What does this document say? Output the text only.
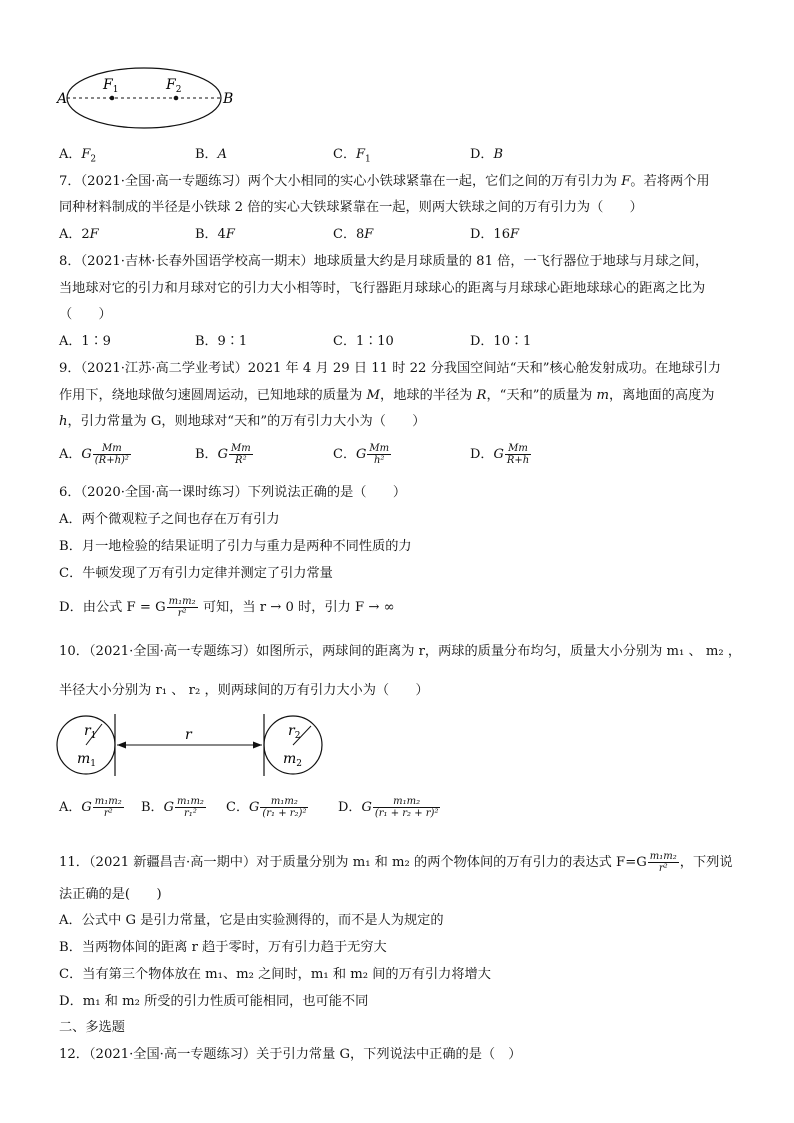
A	B
$F_1$	$F_2$
A．$F_2$	B．A	C．$F_1$	D．B
7．（2021·全国·高一专题练习）两个大小相同的实心小铁球紧靠在一起，它们之间的万有引力为 F。若将两个用
同种材料制成的半径是小铁球 2 倍的实心大铁球紧靠在一起，则两大铁球之间的万有引力为（　　）
A．2F	B．4F	C．8F	D．16F
8．（2021·吉林·长春外国语学校高一期末）地球质量大约是月球质量的 81 倍，一飞行器位于地球与月球之间，
当地球对它的引力和月球对它的引力大小相等时，飞行器距月球球心的距离与月球球心距地球球心的距离之比为
（　　）
A．1∶9	B．9∶1	C．1∶10	D．10∶1
9．（2021·江苏·高二学业考试）2021 年 4 月 29 日 11 时 22 分我国空间站“天和”核心舱发射成功。在地球引力
作用下，绕地球做匀速圆周运动，已知地球的质量为 M，地球的半径为 R，“天和”的质量为 m，离地面的高度为
h，引力常量为 G，则地球对“天和”的万有引力大小为（　　）
A．G $\frac{Mm}{\text{(R+h)²}}$	B．G $\frac{Mm}{\text{R²}}$	C．G $\frac{Mm}{\text{h²}}$	D．G $\frac{Mm}{R+h}$
6．（2020·全国·高一课时练习）下列说法正确的是（　　）
A．两个微观粒子之间也存在万有引力
B．月一地检验的结果证明了引力与重力是两种不同性质的力
C．牛顿发现了万有引力定律并测定了引力常量
D．由公式 F = G $\frac{\text{m₁m₂}}{\text{r²}}$ 可知，当 r → 0 时，引力 F → ∞
10．（2021·全国·高一专题练习）如图所示，两球间的距离为 r，两球的质量分布均匀，质量大小分别为 m₁ 、 m₂ ，
半径大小分别为 r₁ 、 r₂ ，则两球间的万有引力大小为（　　）
r
$r_1$
$m_1$
$r_2$
$m_2$
A．G $\frac{\text{m₁m₂}}{\text{r²}}$ B．G $\frac{\text{m₁m₂}}{\text{r₁²}}$ C．G $\frac{\text{m₁m₂}}{\text{(r₁ + r₂)²}}$ D．G $\frac{\text{m₁m₂}}{\text{(r₁ + r₂ + r)²}}$
11．（2021 新疆昌吉·高一期中）对于质量分别为 m₁ 和 m₂ 的两个物体间的万有引力的表达式 $F=G \frac{\text{m₁m₂}}{\text{r²}}$ ，下列说
法正确的是(　　)
A．公式中 G 是引力常量，它是由实验测得的，而不是人为规定的
B．当两物体间的距离 r 趋于零时，万有引力趋于无穷大
C．当有第三个物体放在 m₁、m₂ 之间时，m₁ 和 m₂ 间的万有引力将增大
D．m₁ 和 m₂ 所受的引力性质可能相同，也可能不同
二、多选题
12．（2021·全国·高一专题练习）关于引力常量 G，下列说法中正确的是（　）
